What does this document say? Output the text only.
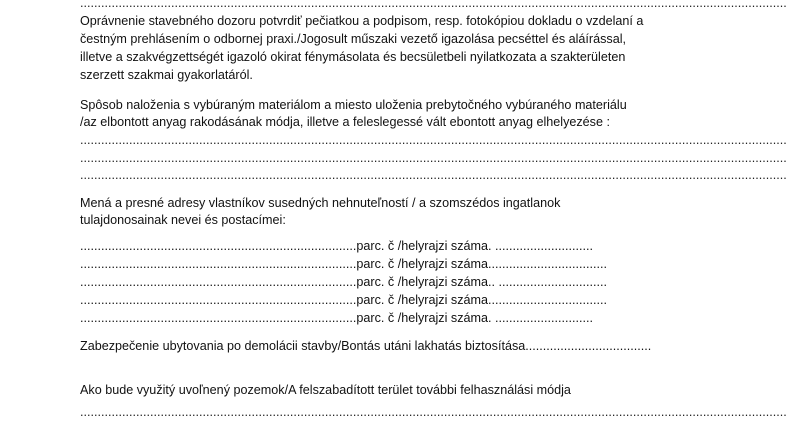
..........................................................................................................................................................................................................
Oprávnenie stavebného dozoru potvrdiť pečiatkou a podpisom, resp. fotokópiou dokladu o vzdelaní a
čestným prehlásením o odbornej praxi./Jogosult műszaki vezető igazolása pecséttel és aláírással,
illetve a szakvégzettségét igazoló okirat fénymásolata és becsületbeli nyilatkozata a szakterületen
szerzett szakmai gyakorlatáról.
Spôsob naloženia s vybúraným materiálom a miesto uloženia prebytočného vybúraného materiálu
/az elbontott anyag rakodásának módja, illetve a feleslegessé vált ebontott anyag elhelyezése :
..........................................................................................................................................................................................................
..........................................................................................................................................................................................................
..........................................................................................................................................................................................................
Mená a presné adresy vlastníkov susedných nehnuteľností / a szomszédos ingatlanok
tulajdonosainak nevei és postacímei:
...............................................................................parc. č /helyrajzi száma. ............................
...............................................................................parc. č /helyrajzi száma..................................
...............................................................................parc. č /helyrajzi száma.. ...............................
...............................................................................parc. č /helyrajzi száma..................................
...............................................................................parc. č /helyrajzi száma. ............................
Zabezpečenie ubytovania po demolácii stavby/Bontás utáni lakhatás biztosítása....................................
Ako bude využitý uvoľnený pozemok/A felszabadított terület további felhasználási módja
..........................................................................................................................................................................................................
